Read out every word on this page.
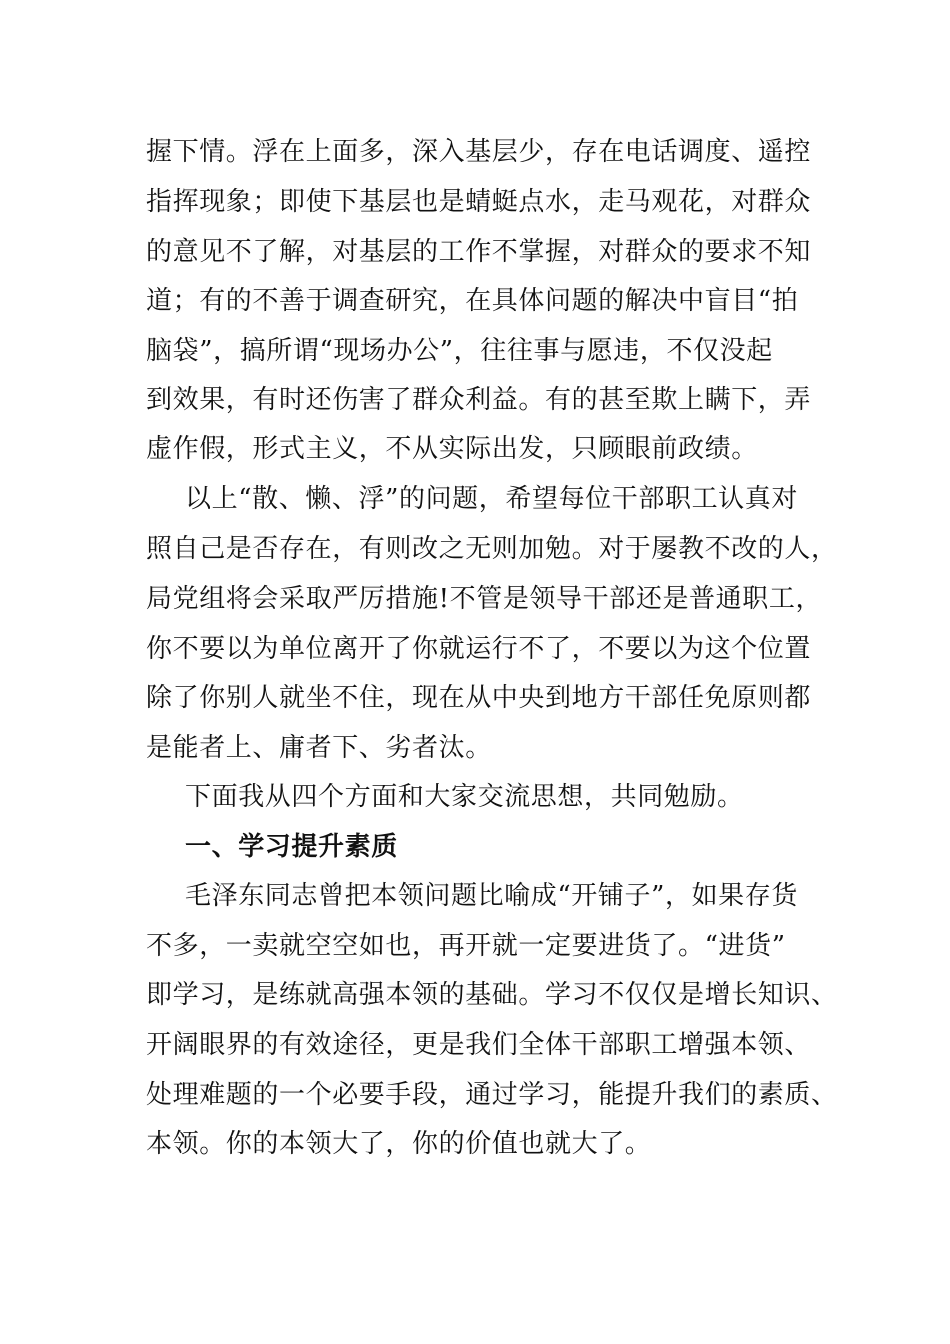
握下情。浮在上面多，深入基层少，存在电话调度、遥控
指挥现象；即使下基层也是蜻蜓点水，走马观花，对群众
的意见不了解，对基层的工作不掌握，对群众的要求不知
道；有的不善于调查研究，在具体问题的解决中盲目“拍
脑袋”，搞所谓“现场办公”，往往事与愿违，不仅没起
到效果，有时还伤害了群众利益。有的甚至欺上瞒下，弄
虚作假，形式主义，不从实际出发，只顾眼前政绩。
以上“散、懒、浮”的问题，希望每位干部职工认真对
照自己是否存在，有则改之无则加勉。对于屡教不改的人，
局党组将会采取严厉措施!不管是领导干部还是普通职工，
你不要以为单位离开了你就运行不了，不要以为这个位置
除了你别人就坐不住，现在从中央到地方干部任免原则都
是能者上、庸者下、劣者汰。
下面我从四个方面和大家交流思想，共同勉励。
一、学习提升素质
毛泽东同志曾把本领问题比喻成“开铺子”，如果存货
不多，一卖就空空如也，再开就一定要进货了。“进货”
即学习，是练就高强本领的基础。学习不仅仅是增长知识、
开阔眼界的有效途径，更是我们全体干部职工增强本领、
处理难题的一个必要手段，通过学习，能提升我们的素质、
本领。你的本领大了，你的价值也就大了。
